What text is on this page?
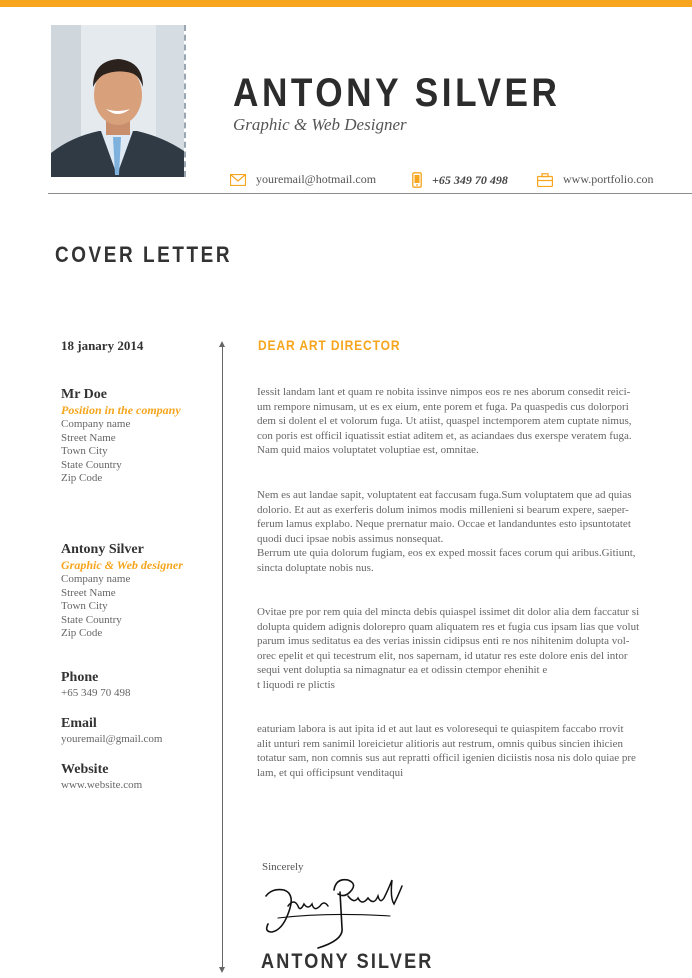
ANTONY SILVER
Graphic & Web Designer
youremail@hotmail.com	+65 349 70 498	www.portfolio.con
COVER LETTER
18 janary 2014
Mr Doe
Position in the company
Company name
Street Name
Town City
State Country
Zip Code
Antony Silver
Graphic & Web designer
Company name
Street Name
Town City
State Country
Zip Code
Phone
+65 349 70 498
Email
youremail@gmail.com
Website
www.website.com
DEAR ART DIRECTOR

Iessit landam lant et quam re nobita issinve nimpos eos re nes aborum consedit reici-
um rempore nimusam, ut es ex eium, ente porem et fuga. Pa quaspedis cus dolorpori
dem si dolent el et volorum fuga. Ut atiist, quaspel inctemporem atem cuptate nimus,
con poris est officil iquatissit estiat aditem et, as aciandaes dus exerspe veratem fuga.
Nam quid maios voluptatet voluptiae est, omnitae.

Nem es aut landae sapit, voluptatent eat faccusam fuga.Sum voluptatem que ad quias
dolorio. Et aut as exerferis dolum inimos modis millenieni si bearum expere, saeper-
ferum lamus explabo. Neque prernatur maio. Occae et landanduntes esto ipsuntotatet
quodi duci ipsae nobis assimus nonsequat.
Berrum ute quia dolorum fugiam, eos ex exped mossit faces corum qui aribus.Gitiunt,
sincta doluptate nobis nus.

Ovitae pre por rem quia del mincta debis quiaspel issimet dit dolor alia dem faccatur si
dolupta quidem adignis dolorepro quam aliquatem res et fugia cus ipsam lias que volut
parum imus seditatus ea des verias inissin cidipsus enti re nos nihitenim dolupta vol-
orec epelit et qui tecestrum elit, nos sapernam, id utatur res este dolore enis del intor
sequi vent doluptia sa nimagnatur ea et odissin ctempor ehenihit e
t liquodi re plictis

eaturiam labora is aut ipita id et aut laut es voloresequi te quiaspitem faccabo rrovit
alit unturi rem sanimil loreicietur alitioris aut restrum, omnis quibus sincien ihicien
totatur sam, non comnis sus aut repratti officil igenien diciistis nosa nis dolo quiae pre
lam, et qui officipsunt venditaqui

Sincerely
ANTONY SILVER
